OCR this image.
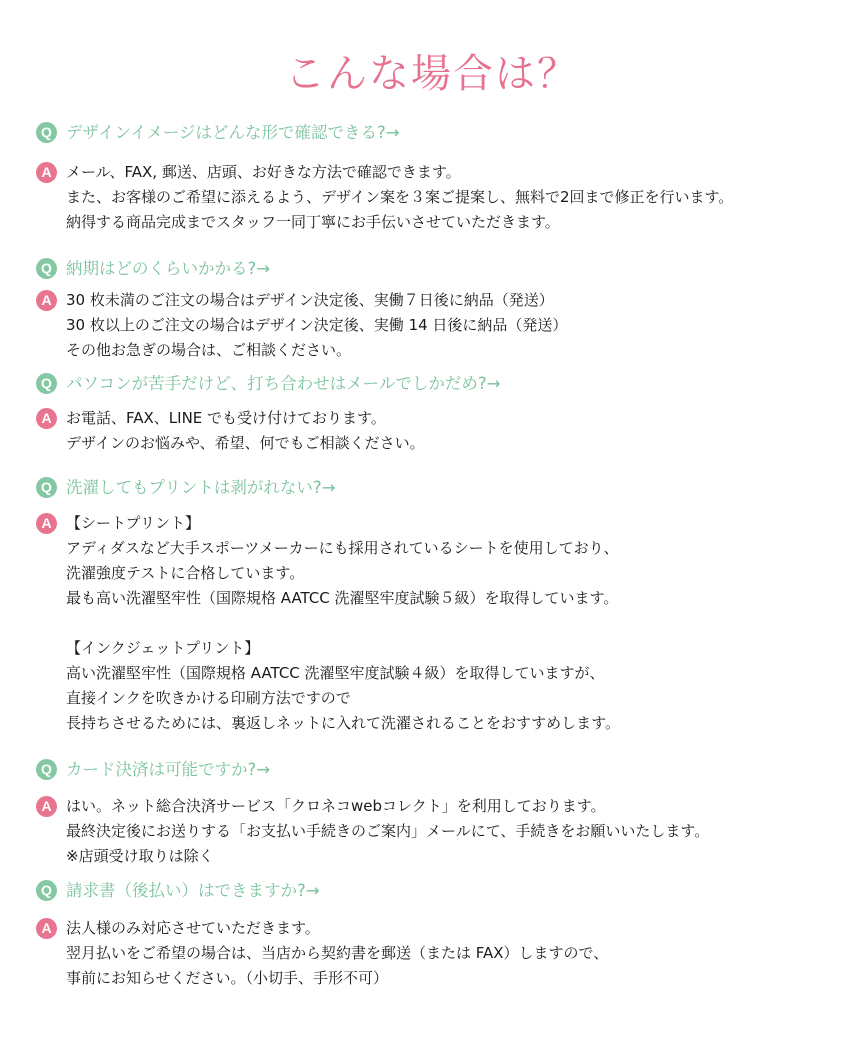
こんな場合は？
Q デザインイメージはどんな形で確認できる?→
A メール、FAX, 郵送、店頭、お好きな方法で確認できます。
また、お客様のご希望に添えるよう、デザイン案を３案ご提案し、無料で2回まで修正を行います。
納得する商品完成までスタッフ一同丁寧にお手伝いさせていただきます。
Q 納期はどのくらいかかる?→
A 30 枚未満のご注文の場合はデザイン決定後、実働７日後に納品（発送）
30 枚以上のご注文の場合はデザイン決定後、実働 14 日後に納品（発送）
その他お急ぎの場合は、ご相談ください。
Q パソコンが苦手だけど、打ち合わせはメールでしかだめ?→
A お電話、FAX、LINE でも受け付けております。
デザインのお悩みや、希望、何でもご相談ください。
Q 洗濯してもプリントは剥がれない?→
A 【シートプリント】
アディダスなど大手スポーツメーカーにも採用されているシートを使用しており、
洗濯強度テストに合格しています。
最も高い洗濯堅牢性（国際規格 AATCC 洗濯堅牢度試験５級）を取得しています。
【インクジェットプリント】
高い洗濯堅牢性（国際規格 AATCC 洗濯堅牢度試験４級）を取得していますが、
直接インクを吹きかける印刷方法ですので
長持ちさせるためには、裏返しネットに入れて洗濯されることをおすすめします。
Q カード決済は可能ですか?→
A はい。ネット総合決済サービス「クロネコwebコレクト」を利用しております。
最終決定後にお送りする「お支払い手続きのご案内」メールにて、手続きをお願いいたします。
※店頭受け取りは除く
Q 請求書（後払い）はできますか?→
A 法人様のみ対応させていただきます。
翌月払いをご希望の場合は、当店から契約書を郵送（または FAX）しますので、
事前にお知らせください。（小切手、手形不可）
